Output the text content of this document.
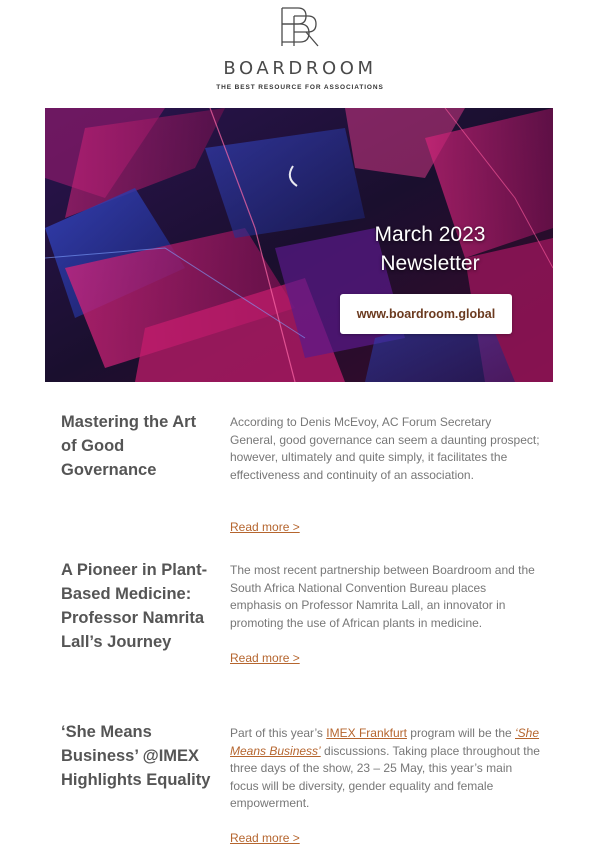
BOARDROOM
THE BEST RESOURCE FOR ASSOCIATIONS
March 2023
Newsletter
www.boardroom.global
Mastering the Art of Good Governance
According to Denis McEvoy, AC Forum Secretary General, good governance can seem a daunting prospect; however, ultimately and quite simply, it facilitates the effectiveness and continuity of an association.
Read more >
A Pioneer in Plant-Based Medicine: Professor Namrita Lall’s Journey
The most recent partnership between Boardroom and the South Africa National Convention Bureau places emphasis on Professor Namrita Lall, an innovator in promoting the use of African plants in medicine.
Read more >
‘She Means Business’ @IMEX Highlights Equality
Part of this year’s IMEX Frankfurt program will be the ‘She Means Business’ discussions. Taking place throughout the three days of the show, 23 – 25 May, this year’s main focus will be diversity, gender equality and female empowerment.
Read more >
